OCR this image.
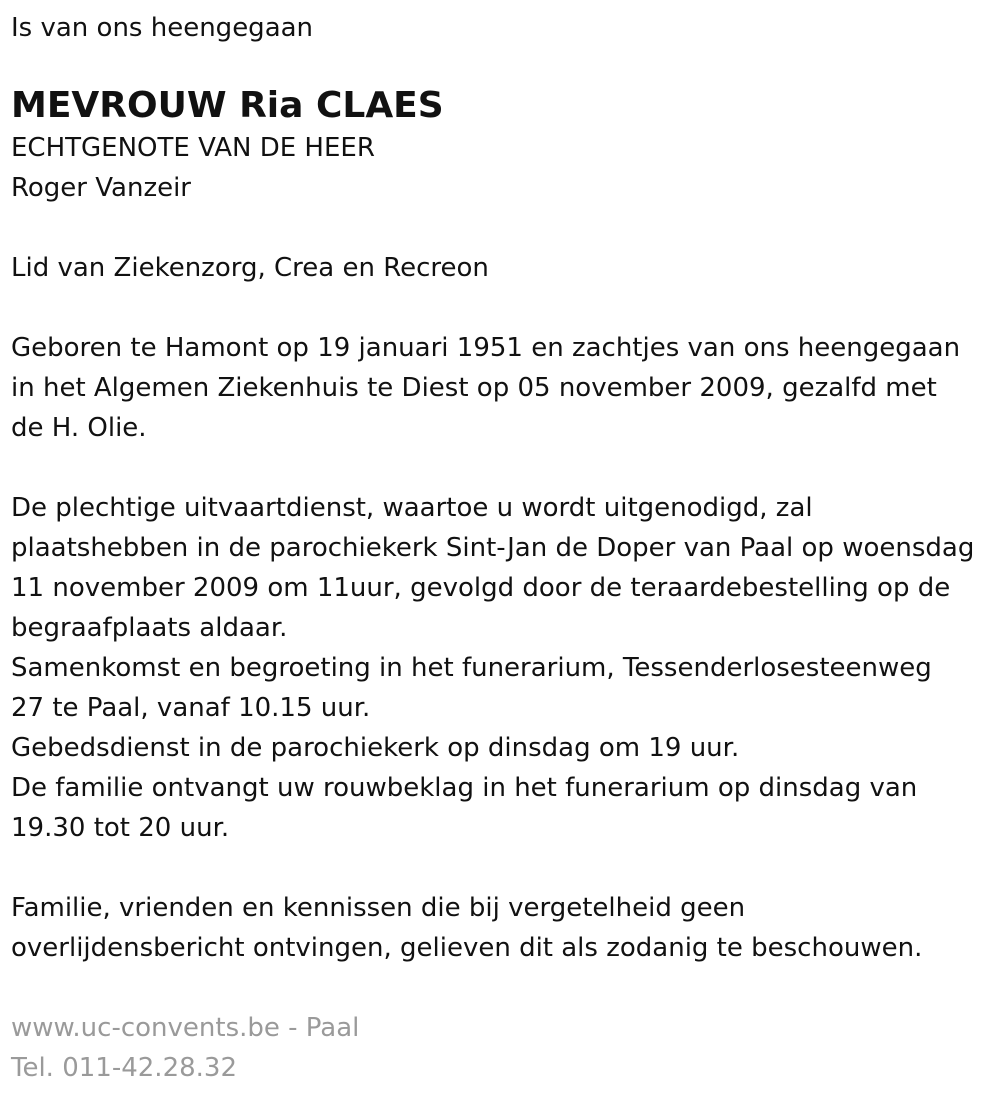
Is van ons heengegaan

MEVROUW Ria CLAES

ECHTGENOTE VAN DE HEER

Roger Vanzeir

Lid van Ziekenzorg, Crea en Recreon

Geboren te Hamont op 19 januari 1951 en zachtjes van ons heengegaan

in het Algemen Ziekenhuis te Diest op 05 november 2009, gezalfd met

de H. Olie.

De plechtige uitvaartdienst, waartoe u wordt uitgenodigd, zal

plaatshebben in de parochiekerk Sint-Jan de Doper van Paal op woensdag

11 november 2009 om 11uur, gevolgd door de teraardebestelling op de

begraafplaats aldaar.

Samenkomst en begroeting in het funerarium, Tessenderlosesteenweg

27 te Paal, vanaf 10.15 uur.

Gebedsdienst in de parochiekerk op dinsdag om 19 uur.

De familie ontvangt uw rouwbeklag in het funerarium op dinsdag van

19.30 tot 20 uur.

Familie, vrienden en kennissen die bij vergetelheid geen

overlijdensbericht ontvingen, gelieven dit als zodanig te beschouwen.

www.uc-convents.be - Paal

Tel. 011-42.28.32
